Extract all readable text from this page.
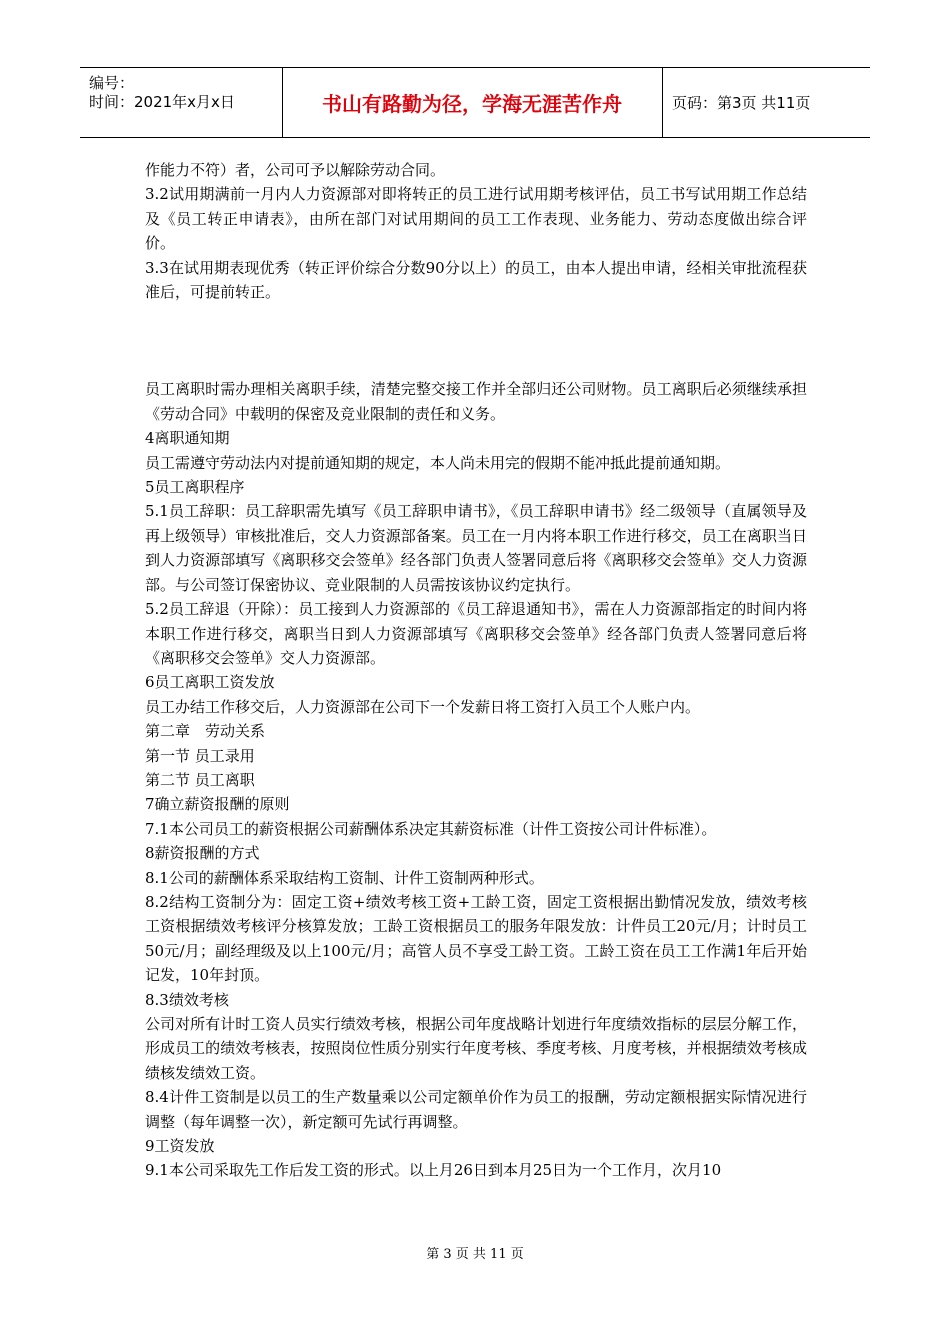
编号：
时间：2021年x月x日	书山有路勤为径，学海无涯苦作舟	页码：第3页 共11页

作能力不符）者，公司可予以解除劳动合同。

3.2试用期满前一月内人力资源部对即将转正的员工进行试用期考核评估，员工书写试用期工作总结及《员工转正申请表》，由所在部门对试用期间的员工工作表现、业务能力、劳动态度做出综合评价。

3.3在试用期表现优秀（转正评价综合分数90分以上）的员工，由本人提出申请，经相关审批流程获准后，可提前转正。

员工离职时需办理相关离职手续，清楚完整交接工作并全部归还公司财物。员工离职后必须继续承担《劳动合同》中载明的保密及竞业限制的责任和义务。

4离职通知期

员工需遵守劳动法内对提前通知期的规定，本人尚未用完的假期不能冲抵此提前通知期。

5员工离职程序

5.1员工辞职：员工辞职需先填写《员工辞职申请书》，《员工辞职申请书》经二级领导（直属领导及再上级领导）审核批准后，交人力资源部备案。员工在一月内将本职工作进行移交，员工在离职当日到人力资源部填写《离职移交会签单》经各部门负责人签署同意后将《离职移交会签单》交人力资源部。与公司签订保密协议、竞业限制的人员需按该协议约定执行。

5.2员工辞退（开除）：员工接到人力资源部的《员工辞退通知书》，需在人力资源部指定的时间内将本职工作进行移交，离职当日到人力资源部填写《离职移交会签单》经各部门负责人签署同意后将《离职移交会签单》交人力资源部。

6员工离职工资发放

员工办结工作移交后，人力资源部在公司下一个发薪日将工资打入员工个人账户内。

第二章　劳动关系

第一节 员工录用

第二节 员工离职

7确立薪资报酬的原则

7.1本公司员工的薪资根据公司薪酬体系决定其薪资标准（计件工资按公司计件标准）。

8薪资报酬的方式

8.1公司的薪酬体系采取结构工资制、计件工资制两种形式。

8.2结构工资制分为：固定工资+绩效考核工资+工龄工资，固定工资根据出勤情况发放，绩效考核工资根据绩效考核评分核算发放；工龄工资根据员工的服务年限发放：计件员工20元/月；计时员工50元/月；副经理级及以上100元/月；高管人员不享受工龄工资。工龄工资在员工工作满1年后开始记发，10年封顶。

8.3绩效考核

公司对所有计时工资人员实行绩效考核，根据公司年度战略计划进行年度绩效指标的层层分解工作，形成员工的绩效考核表，按照岗位性质分别实行年度考核、季度考核、月度考核，并根据绩效考核成绩核发绩效工资。

8.4计件工资制是以员工的生产数量乘以公司定额单价作为员工的报酬，劳动定额根据实际情况进行调整（每年调整一次），新定额可先试行再调整。

9工资发放

9.1本公司采取先工作后发工资的形式。以上月26日到本月25日为一个工作月，次月10

第 3 页 共 11 页
